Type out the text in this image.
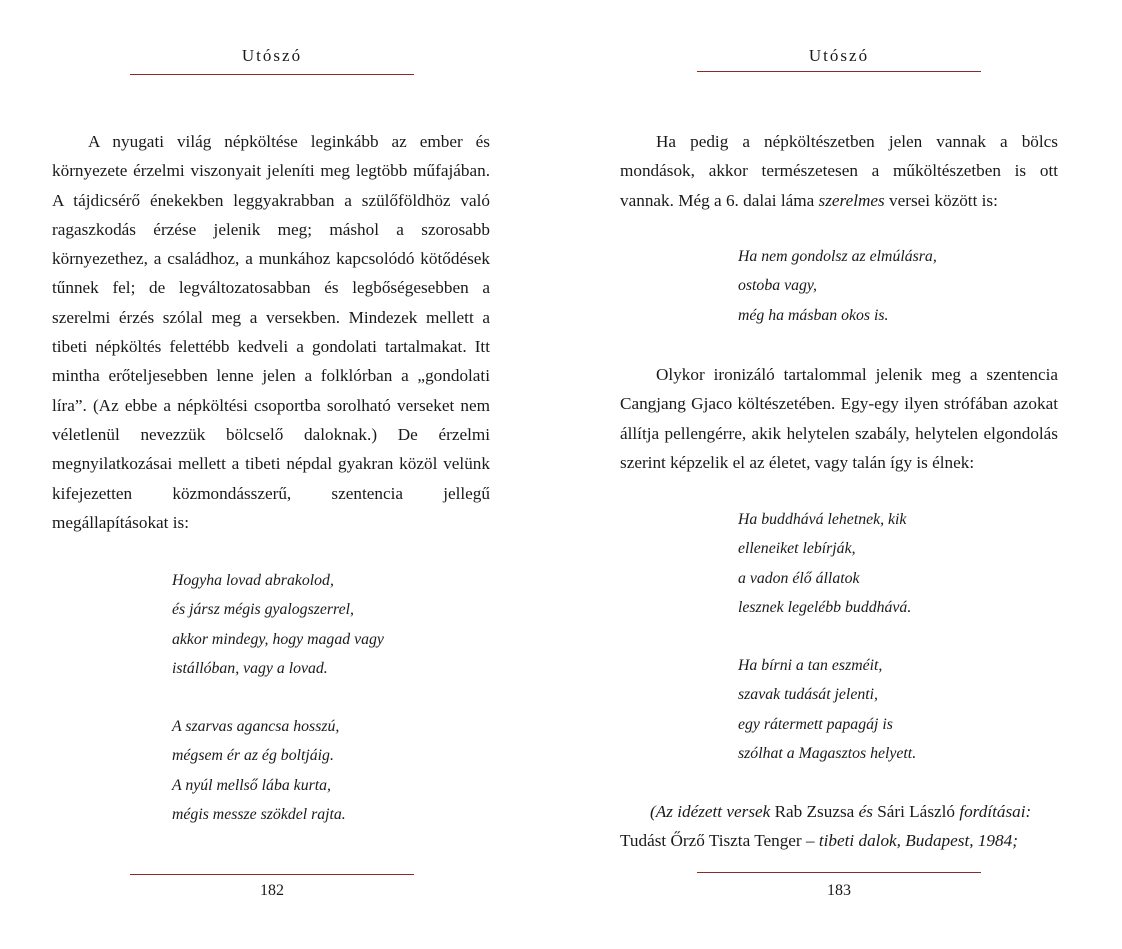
Utószó

A nyugati világ népköltése leginkább az ember és környezete érzelmi viszonyait jeleníti meg legtöbb műfajában. A tájdicsérő énekekben leggyakrabban a szülőföldhöz való ragaszkodás érzése jelenik meg; máshol a szorosabb környezethez, a családhoz, a munkához kapcsolódó kötődések tűnnek fel; de legváltozatosabban és legbőségesebben a szerelmi érzés szólal meg a versekben. Mindezek mellett a tibeti népköltés felettébb kedveli a gondolati tartalmakat. Itt mintha erőteljesebben lenne jelen a folklórban a „gondolati líra”. (Az ebbe a népköltési csoportba sorolható verseket nem véletlenül nevezzük bölcselő daloknak.) De érzelmi megnyilatkozásai mellett a tibeti népdal gyakran közöl velünk kifejezetten közmondásszerű, szentencia jellegű megállapításokat is:

Hogyha lovad abrakolod,
és jársz mégis gyalogszerrel,
akkor mindegy, hogy magad vagy
istállóban, vagy a lovad.
A szarvas agancsa hosszú,
mégsem ér az ég boltjáig.
A nyúl mellső lába kurta,
mégis messze szökdel rajta.
182
Utószó

Ha pedig a népköltészetben jelen vannak a bölcs mondások, akkor természetesen a műköltészetben is ott vannak. Még a 6. dalai láma szerelmes versei között is:

Ha nem gondolsz az elmúlásra,
ostoba vagy,
még ha másban okos is.

Olykor ironizáló tartalommal jelenik meg a szentencia Cangjang Gjaco költészetében. Egy-egy ilyen strófában azokat állítja pellengérre, akik helytelen szabály, helytelen elgondolás szerint képzelik el az életet, vagy talán így is élnek:

Ha buddhává lehetnek, kik
elleneiket lebírják,
a vadon élő állatok
lesznek legelébb buddhává.
Ha bírni a tan eszméit,
szavak tudását jelenti,
egy rátermett papagáj is
szólhat a Magasztos helyett.
(Az idézett versek Rab Zsuzsa és Sári László fordításai:
Tudást Őrző Tiszta Tenger – tibeti dalok, Budapest, 1984;
183
